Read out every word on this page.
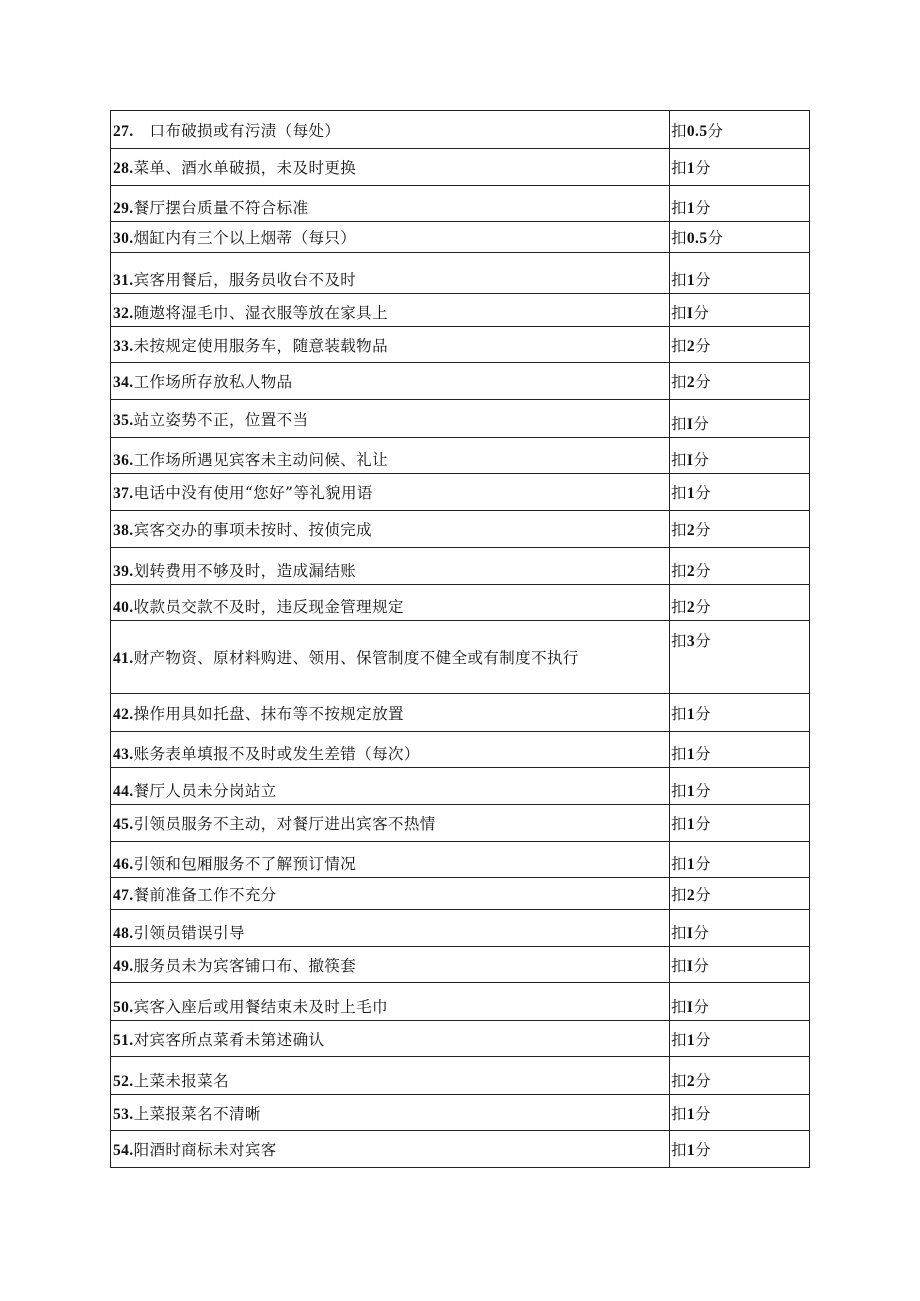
27.　 口布破损或有污渍（每处）	扣0.5分
28.菜单、酒水单破损，未及时更换	扣1分
29.餐厅摆台质量不符合标准	扣1分
30.烟缸内有三个以上烟蒂（每只）	扣0.5分
31.宾客用餐后，服务员收台不及时	扣1分
32.随遨将湿毛巾、湿衣服等放在家具上	扣I分
33.未按规定使用服务车，随意装载物品	扣2分
34.工作场所存放私人物品	扣2分
35.站立姿势不正，位置不当	扣I分
36.工作场所遇见宾客未主动问候、礼让	扣I分
37.电话中没有使用“您好”等礼貌用语	扣1分
38.宾客交办的事项未按时、按侦完成	扣2分
39.划转费用不够及时，造成漏结账	扣2分
40.收款员交款不及时，违反现金管理规定	扣2分
41.财产物资、原材料购进、领用、保管制度不健全或有制度不执行	扣3分
42.操作用具如托盘、抹布等不按规定放置	扣1分
43.账务表单填报不及时或发生差错（每次）	扣1分
44.餐厅人员未分岗站立	扣1分
45.引领员服务不主动，对餐厅进出宾客不热情	扣1分
46.引领和包厢服务不了解预订情况	扣1分
47.餐前准备工作不充分	扣2分
48.引领员错误引导	扣I分
49.服务员未为宾客铺口布、撤筷套	扣I分
50.宾客入座后或用餐结束未及时上毛巾	扣I分
51.对宾客所点菜肴未第述确认	扣1分
52.上菜未报菜名	扣2分
53.上菜报菜名不清晰	扣1分
54.阳酒时商标未对宾客	扣1分
